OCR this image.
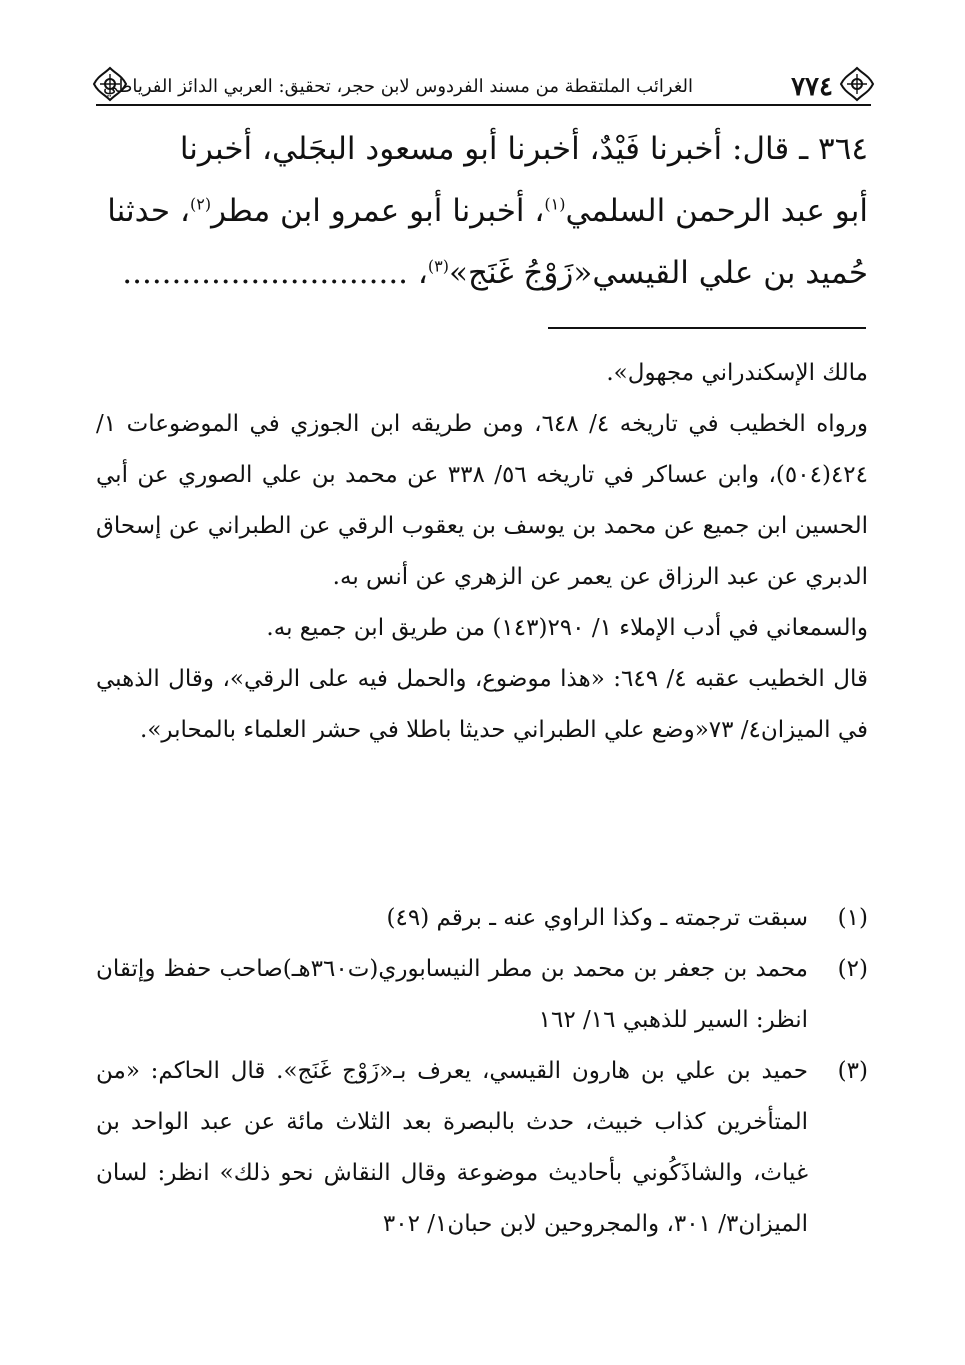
٧٧٤
الغرائب الملتقطة من مسند الفردوس لابن حجر، تحقيق: العربي الدائز الفرياطي

٣٦٤ ـ قال: أخبرنا فَيْدٌ، أخبرنا أبو مسعود البجَلي، أخبرنا

أبو عبد الرحمن السلمي$^{(١)}$، أخبرنا أبو عمرو ابن مطر$^{(٢)}$، حدثنا

حُميد بن علي القيسي«زَوْجُ غَنَج»$^{(٣)}$، .............................

مالك الإسكندراني مجهول».

ورواه الخطيب في تاريخه ٤/ ٦٤٨، ومن طريقه ابن الجوزي في الموضوعات ١/ ٤٢٤(٥٠٤)، وابن عساكر في تاريخه ٥٦/ ٣٣٨ عن محمد بن علي الصوري عن أبي الحسين ابن جميع عن محمد بن يوسف بن يعقوب الرقي عن الطبراني عن إسحاق الدبري عن عبد الرزاق عن يعمر عن الزهري عن أنس به.

والسمعاني في أدب الإملاء ١/ ٢٩٠(١٤٣) من طريق ابن جميع به.

قال الخطيب عقبه ٤/ ٦٤٩: «هذا موضوع، والحمل فيه على الرقي»، وقال الذهبي في الميزان٤/ ٧٣«وضع علي الطبراني حديثا باطلا في حشر العلماء بالمحابر».

(١)
سبقت ترجمته ـ وكذا الراوي عنه ـ برقم (٤٩)
(٢)
محمد بن جعفر بن محمد بن مطر النيسابوري(ت٣٦٠هـ)صاحب حفظ وإتقان انظر: السير للذهبي ١٦/ ١٦٢
(٣)
حميد بن علي بن هارون القيسي، يعرف بـ«زَوْج غَنَج». قال الحاكم: «من المتأخرين كذاب خبيث، حدث بالبصرة بعد الثلاث مائة عن عبد الواحد بن غياث، والشاذَكُوني بأحاديث موضوعة وقال النقاش نحو ذلك» انظر: لسان الميزان٣/ ٣٠١، والمجروحين لابن حبان١/ ٣٠٢
